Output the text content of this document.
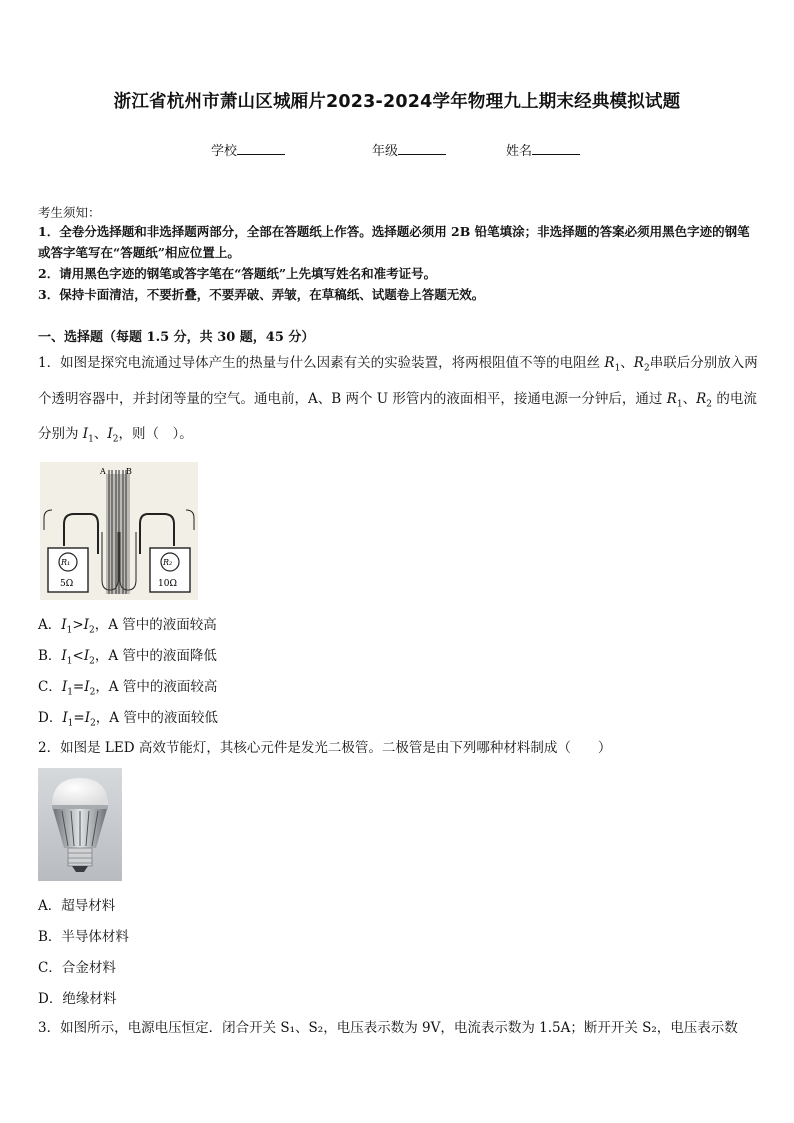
浙江省杭州市萧山区城厢片2023-2024学年物理九上期末经典模拟试题
学校	年级	姓名
考生须知：
1．全卷分选择题和非选择题两部分，全部在答题纸上作答。选择题必须用 2B 铅笔填涂；非选择题的答案必须用黑色字迹的钢笔或答字笔写在“答题纸”相应位置上。
2．请用黑色字迹的钢笔或答字笔在“答题纸”上先填写姓名和准考证号。
3．保持卡面清洁，不要折叠，不要弄破、弄皱，在草稿纸、试题卷上答题无效。
一、选择题（每题 1.5 分，共 30 题，45 分）
1．如图是探究电流通过导体产生的热量与什么因素有关的实验装置，将两根阻值不等的电阻丝 $R_1$、$R_2$串联后分别放入两个透明容器中，并封闭等量的空气。通电前，A、B 两个 U 形管内的液面相平，接通电源一分钟后，通过 $R_1$、$R_2$ 的电流分别为 $I_1$、$I_2$，则（　）。
A	B
R₁	R₂
5Ω	10Ω
A．$I_1>I_2$，A 管中的液面较高
B．$I_1<I_2$，A 管中的液面降低
C．$I_1=I_2$，A 管中的液面较高
D．$I_1=I_2$，A 管中的液面较低
2．如图是 LED 高效节能灯，其核心元件是发光二极管。二极管是由下列哪种材料制成（　　）
A．超导材料
B．半导体材料
C．合金材料
D．绝缘材料
3．如图所示，电源电压恒定．闭合开关 S₁、S₂，电压表示数为 9V，电流表示数为 1.5A；断开开关 S₂，电压表示数
